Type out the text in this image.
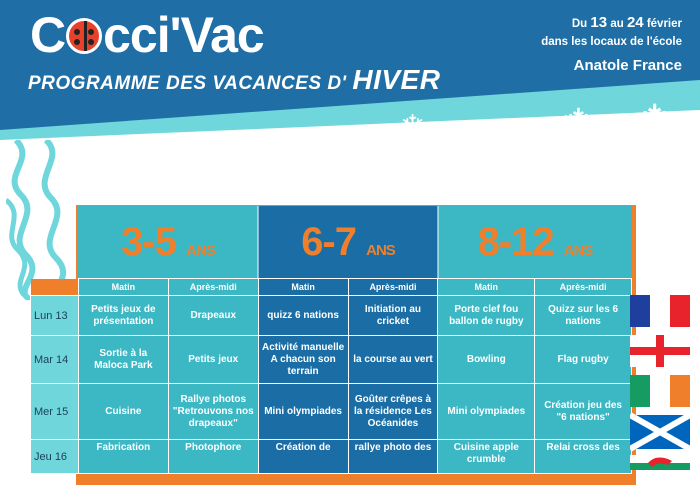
C cci'Vac
PROGRAMME DES VACANCES D' HIVER
Du 13 au 24 février
dans les locaux de l'école
Anatole France
❄ ❄ ❄ ❄
3-5 ANS 6-7 ANS 8-12 ANS
	Matin	Après-midi	Matin	Après-midi	Matin	Après-midi
Lun 13	Petits jeux de présentation	Drapeaux	quizz 6 nations	Initiation au cricket	Porte clef fou ballon de rugby	Quizz sur les 6 nations
Mar 14	Sortie à la Maloca Park	Petits jeux	Activité manuelle A chacun son terrain	la course au vert	Bowling	Flag rugby
Mer 15	Cuisine	Rallye photos "Retrouvons nos drapeaux"	Mini olympiades	Goûter crêpes à la résidence Les Océanides	Mini olympiades	Création jeu des "6 nations"
Jeu 16	Fabrication	Photophore	Création de	rallye photo des	Cuisine apple crumble	Relai cross des
